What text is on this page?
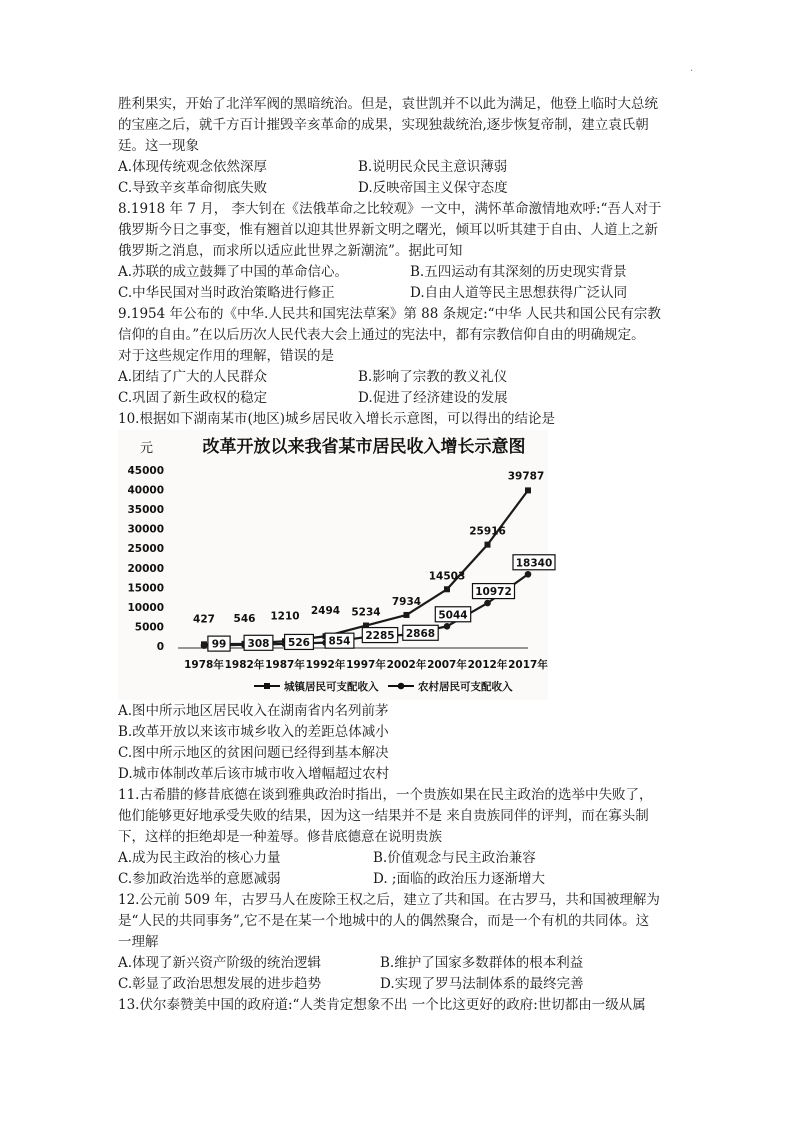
·
胜利果实，开始了北洋军阀的黑暗统治。但是，袁世凯并不以此为满足，他登上临时大总统
的宝座之后，就千方百计摧毁辛亥革命的成果，实现独裁统治,逐步恢复帝制，建立袁氏朝
廷。这一现象
A.体现传统观念依然深厚	B.说明民众民主意识薄弱
C.导致辛亥革命彻底失败	D.反映帝国主义保守态度
8.1918 年 7 月， 李大钊在《法俄革命之比较观》一文中，满怀革命激情地欢呼:“吾人对于
俄罗斯今日之事变，惟有翘首以迎其世界新文明之曙光，倾耳以听其建于自由、人道上之新
俄罗斯之消息，而求所以适应此世界之新潮流”。据此可知
A.苏联的成立鼓舞了中国的革命信心。	B.五四运动有其深刻的历史现实背景
C.中华民国对当时政治策略进行修正	D.自由人道等民主思想获得广泛认同
9.1954 年公布的《中华.人民共和国宪法草案》第 88 条规定:“中华 人民共和国公民有宗教
信仰的自由。”在以后历次人民代表大会上通过的宪法中，都有宗教信仰自由的明确规定。
对于这些规定作用的理解，错误的是
A.团结了广大的人民群众	B.影响了宗教的教义礼仪
C.巩固了新生政权的稳定	D.促进了经济建设的发展
10.根据如下湖南某市(地区)城乡居民收入增长示意图，可以得出的结论是
改革开放以来我省某市居民收入增长示意图
元
45000
40000
35000
30000
25000
20000
15000
10000
5000
0
1978年 1982年 1987年 1992年 1997年 2002年 2007年 2012年 2017年
427 546 1210 2494 5234
7934
14503
25916
39787
99 308 526 854 2285 2868
5044
10972
18340
城镇居民可支配收入	农村居民可支配收入
A.图中所示地区居民收入在湖南省内名列前茅
B.改革开放以来该市城乡收入的差距总体减小
C.图中所示地区的贫困问题已经得到基本解决
D.城市体制改革后该市城市收入增幅超过农村
11.古希腊的修昔底德在谈到雅典政治时指出，一个贵族如果在民主政治的选举中失败了，
他们能够更好地承受失败的结果，因为这一结果并不是 来自贵族同伴的评判，而在寡头制
下，这样的拒绝却是一种羞辱。修昔底德意在说明贵族
A.成为民主政治的核心力量	B.价值观念与民主政治兼容
C.参加政治选举的意愿减弱	D. ;面临的政治压力逐渐增大
12.公元前 509 年，古罗马人在废除王权之后，建立了共和国。在古罗马，共和国被理解为
是“人民的共同事务”,它不是在某一个地城中的人的偶然聚合，而是一个有机的共同体。这
一理解
A.体现了新兴资产阶级的统治逻辑	B.维护了国家多数群体的根本利益
C.彰显了政治思想发展的进步趋势	D.实现了罗马法制体系的最终完善
13.伏尔泰赞美中国的政府道:“人类肯定想象不出 一个比这更好的政府:世切都由一级从属
